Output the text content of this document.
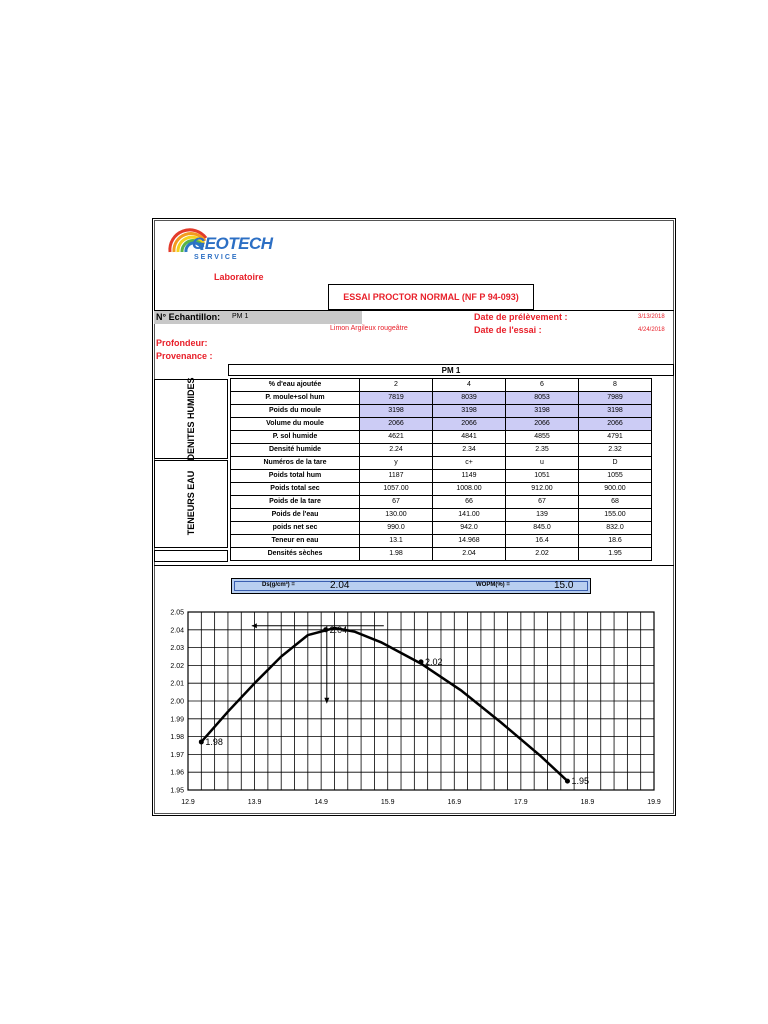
GEOTECH
SERVICE
Laboratoire
ESSAI PROCTOR NORMAL (NF P 94-093)
N° Echantillon: PM 1
Limon Argileux rougeâtre
Profondeur:
Provenance :
Date de prélèvement :	3/13/2018
Date de l'essai :	4/24/2018
PM 1
DENITES HUMIDES
TENEURS EAU
% d'eau ajoutée	2	4	6	8
P. moule+sol hum	7819	8039	8053	7989
Poids du moule	3198	3198	3198	3198
Volume du moule	2066	2066	2066	2066
P. sol humide	4621	4841	4855	4791
Densité humide	2.24	2.34	2.35	2.32
Numéros de la tare	y	c+	u	D
Poids total hum	1187	1149	1051	1055
Poids total sec	1057.00	1008.00	912.00	900.00
Poids de la tare	67	66	67	68
Poids de l'eau	130.00	141.00	139	155.00
poids net sec	990.0	942.0	845.0	832.0
Teneur en eau	13.1	14.968	16.4	18.6
Densités sèches	1.98	2.04	2.02	1.95
Ds(g/cm³) =	2.04	WOPM(%) =	15.0
12.9	13.9	14.9	15.9	16.9	17.9	18.9	19.9
1.95
1.96
1.97
1.98
1.99
2.00
2.01
2.02
2.03
2.04
2.05
1.98
2.04
2.02
1.95
